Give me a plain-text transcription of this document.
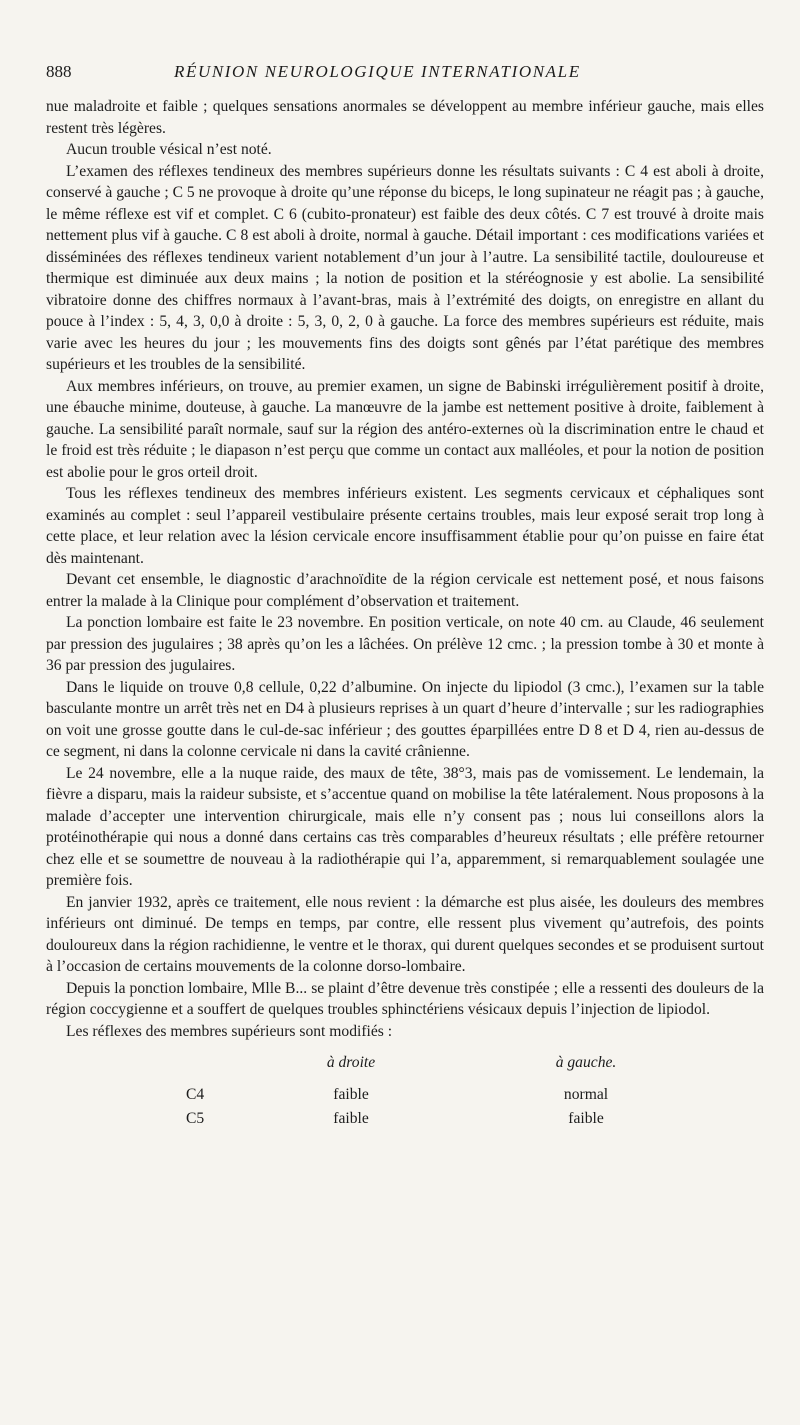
888	RÉUNION NEUROLOGIQUE INTERNATIONALE

nue maladroite et faible ; quelques sensations anormales se développent au membre inférieur gauche, mais elles restent très légères.

Aucun trouble vésical n’est noté.

L’examen des réflexes tendineux des membres supérieurs donne les résultats suivants : C 4 est aboli à droite, conservé à gauche ; C 5 ne provoque à droite qu’une réponse du biceps, le long supinateur ne réagit pas ; à gauche, le même réflexe est vif et complet. C 6 (cubito-pronateur) est faible des deux côtés. C 7 est trouvé à droite mais nettement plus vif à gauche. C 8 est aboli à droite, normal à gauche. Détail important : ces modifications variées et disséminées des réflexes tendineux varient notablement d’un jour à l’autre. La sensibilité tactile, douloureuse et thermique est diminuée aux deux mains ; la notion de position et la stéréognosie y est abolie. La sensibilité vibratoire donne des chiffres normaux à l’avant-bras, mais à l’extrémité des doigts, on enregistre en allant du pouce à l’index : 5, 4, 3, 0,0 à droite : 5, 3, 0, 2, 0 à gauche. La force des membres supérieurs est réduite, mais varie avec les heures du jour ; les mouvements fins des doigts sont gênés par l’état parétique des membres supérieurs et les troubles de la sensibilité.

Aux membres inférieurs, on trouve, au premier examen, un signe de Babinski irrégulièrement positif à droite, une ébauche minime, douteuse, à gauche. La manœuvre de la jambe est nettement positive à droite, faiblement à gauche. La sensibilité paraît normale, sauf sur la région des antéro-externes où la discrimination entre le chaud et le froid est très réduite ; le diapason n’est perçu que comme un contact aux malléoles, et pour la notion de position est abolie pour le gros orteil droit.

Tous les réflexes tendineux des membres inférieurs existent. Les segments cervicaux et céphaliques sont examinés au complet : seul l’appareil vestibulaire présente certains troubles, mais leur exposé serait trop long à cette place, et leur relation avec la lésion cervicale encore insuffisamment établie pour qu’on puisse en faire état dès maintenant.

Devant cet ensemble, le diagnostic d’arachnoïdite de la région cervicale est nettement posé, et nous faisons entrer la malade à la Clinique pour complément d’observation et traitement.

La ponction lombaire est faite le 23 novembre. En position verticale, on note 40 cm. au Claude, 46 seulement par pression des jugulaires ; 38 après qu’on les a lâchées. On prélève 12 cmc. ; la pression tombe à 30 et monte à 36 par pression des jugulaires.

Dans le liquide on trouve 0,8 cellule, 0,22 d’albumine. On injecte du lipiodol (3 cmc.), l’examen sur la table basculante montre un arrêt très net en D4 à plusieurs reprises à un quart d’heure d’intervalle ; sur les radiographies on voit une grosse goutte dans le cul-de-sac inférieur ; des gouttes éparpillées entre D 8 et D 4, rien au-dessus de ce segment, ni dans la colonne cervicale ni dans la cavité crânienne.

Le 24 novembre, elle a la nuque raide, des maux de tête, 38°3, mais pas de vomissement. Le lendemain, la fièvre a disparu, mais la raideur subsiste, et s’accentue quand on mobilise la tête latéralement. Nous proposons à la malade d’accepter une intervention chirurgicale, mais elle n’y consent pas ; nous lui conseillons alors la protéinothérapie qui nous a donné dans certains cas très comparables d’heureux résultats ; elle préfère retourner chez elle et se soumettre de nouveau à la radiothérapie qui l’a, apparemment, si remarquablement soulagée une première fois.

En janvier 1932, après ce traitement, elle nous revient : la démarche est plus aisée, les douleurs des membres inférieurs ont diminué. De temps en temps, par contre, elle ressent plus vivement qu’autrefois, des points douloureux dans la région rachidienne, le ventre et le thorax, qui durent quelques secondes et se produisent surtout à l’occasion de certains mouvements de la colonne dorso-lombaire.

Depuis la ponction lombaire, Mlle B... se plaint d’être devenue très constipée ; elle a ressenti des douleurs de la région coccygienne et a souffert de quelques troubles sphinctériens vésicaux depuis l’injection de lipiodol.

Les réflexes des membres supérieurs sont modifiés :

	à droite	à gauche.
C4	faible	normal
C5	faible	faible
